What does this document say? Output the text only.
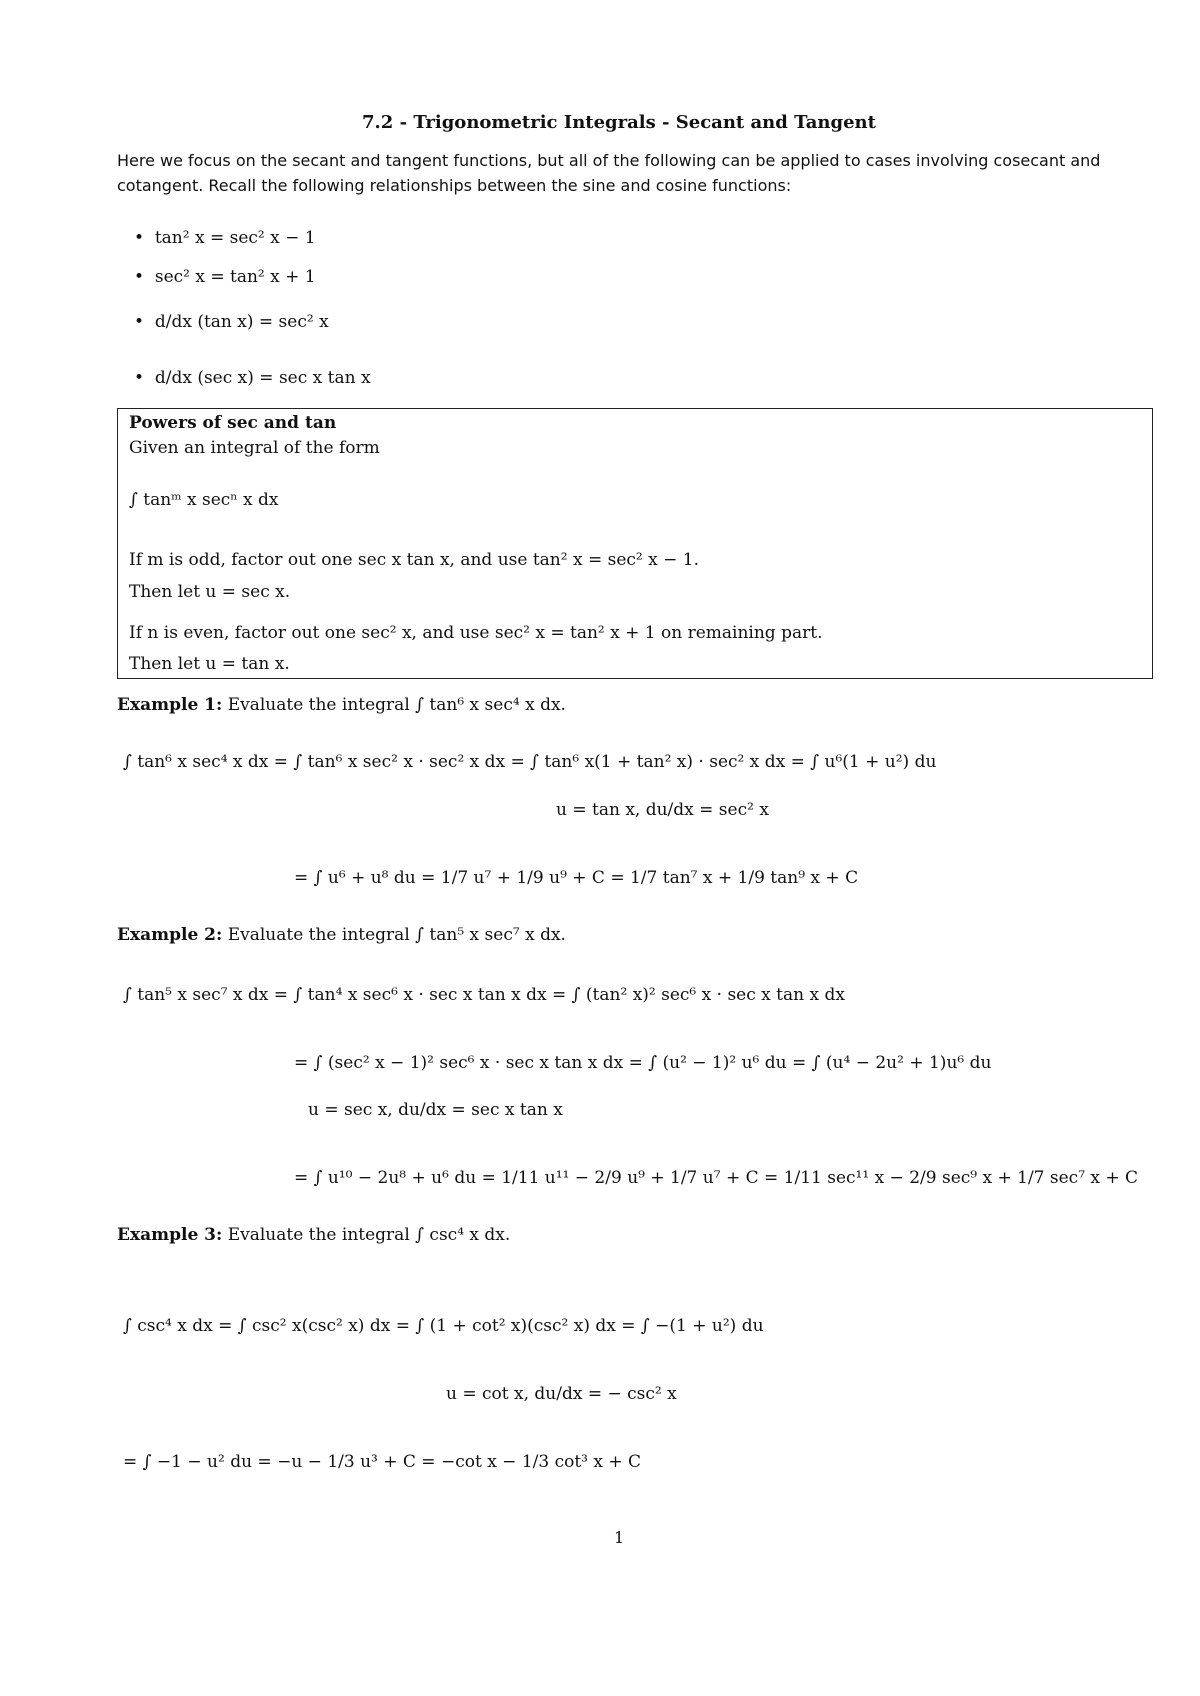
7.2 - Trigonometric Integrals - Secant and Tangent
Here we focus on the secant and tangent functions, but all of the following can be applied to cases involving cosecant and cotangent. Recall the following relationships between the sine and cosine functions:
•  tan² x = sec² x − 1
•  sec² x = tan² x + 1
•  d/dx (tan x) = sec² x
•  d/dx (sec x) = sec x tan x
Powers of sec and tan
Given an integral of the form
∫ tanᵐ x secⁿ x dx
If m is odd, factor out one sec x tan x, and use tan² x = sec² x − 1.
Then let u = sec x.
If n is even, factor out one sec² x, and use sec² x = tan² x + 1 on remaining part.
Then let u = tan x.
Example 1: Evaluate the integral ∫ tan⁶ x sec⁴ x dx.
∫ tan⁶ x sec⁴ x dx = ∫ tan⁶ x sec² x · sec² x dx = ∫ tan⁶ x(1 + tan² x) · sec² x dx = ∫ u⁶(1 + u²) du
u = tan x, du/dx = sec² x
= ∫ u⁶ + u⁸ du = 1/7 u⁷ + 1/9 u⁹ + C = 1/7 tan⁷ x + 1/9 tan⁹ x + C
Example 2: Evaluate the integral ∫ tan⁵ x sec⁷ x dx.
∫ tan⁵ x sec⁷ x dx = ∫ tan⁴ x sec⁶ x · sec x tan x dx = ∫ (tan² x)² sec⁶ x · sec x tan x dx
= ∫ (sec² x − 1)² sec⁶ x · sec x tan x dx = ∫ (u² − 1)² u⁶ du = ∫ (u⁴ − 2u² + 1)u⁶ du
u = sec x, du/dx = sec x tan x
= ∫ u¹⁰ − 2u⁸ + u⁶ du = 1/11 u¹¹ − 2/9 u⁹ + 1/7 u⁷ + C = 1/11 sec¹¹ x − 2/9 sec⁹ x + 1/7 sec⁷ x + C
Example 3: Evaluate the integral ∫ csc⁴ x dx.
∫ csc⁴ x dx = ∫ csc² x(csc² x) dx = ∫ (1 + cot² x)(csc² x) dx = ∫ −(1 + u²) du
u = cot x, du/dx = − csc² x
= ∫ −1 − u² du = −u − 1/3 u³ + C = −cot x − 1/3 cot³ x + C
1
